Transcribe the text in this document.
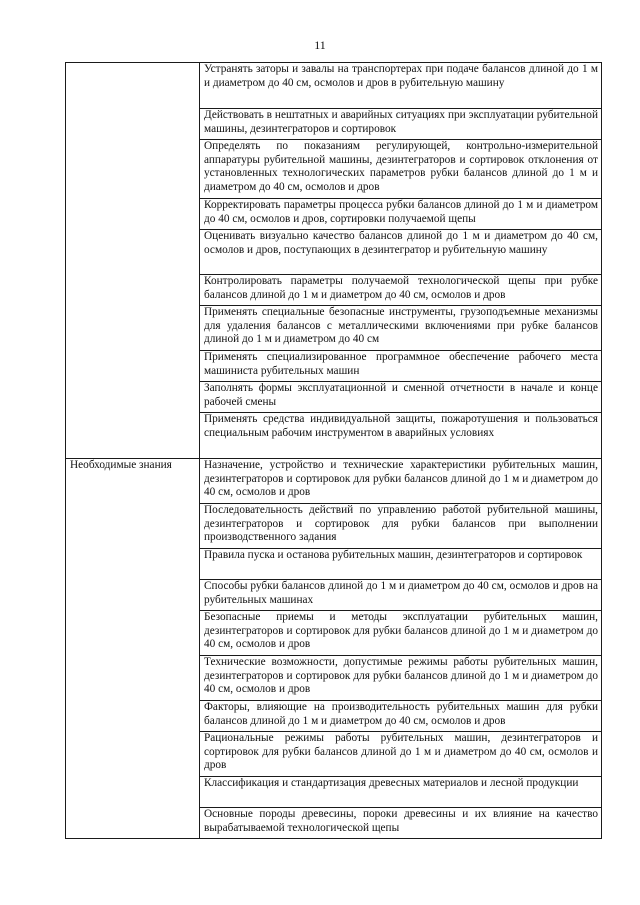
11
	Устранять заторы и завалы на транспортерах при подаче балансов длиной до 1 м и диаметром до 40 см, осмолов и дров в рубительную машину
	Действовать в нештатных и аварийных ситуациях при эксплуатации рубительной машины, дезинтеграторов и сортировок
	Определять по показаниям регулирующей, контрольно-измерительной аппаратуры рубительной машины, дезинтеграторов и сортировок отклонения от установленных технологических параметров рубки балансов длиной до 1 м и диаметром до 40 см, осмолов и дров
	Корректировать параметры процесса рубки балансов длиной до 1 м и диаметром до 40 см, осмолов и дров, сортировки получаемой щепы
	Оценивать визуально качество балансов длиной до 1 м и диаметром до 40 см, осмолов и дров, поступающих в дезинтегратор и рубительную машину
	Контролировать параметры получаемой технологической щепы при рубке балансов длиной до 1 м и диаметром до 40 см, осмолов и дров
	Применять специальные безопасные инструменты, грузоподъемные механизмы для удаления балансов с металлическими включениями при рубке балансов длиной до 1 м и диаметром до 40 см
	Применять специализированное программное обеспечение рабочего места машиниста рубительных машин
	Заполнять формы эксплуатационной и сменной отчетности в начале и конце рабочей смены
	Применять средства индивидуальной защиты, пожаротушения и пользоваться специальным рабочим инструментом в аварийных условиях
Необходимые знания	Назначение, устройство и технические характеристики рубительных машин, дезинтеграторов и сортировок для рубки балансов длиной до 1 м и диаметром до 40 см, осмолов и дров
	Последовательность действий по управлению работой рубительной машины, дезинтеграторов и сортировок для рубки балансов при выполнении производственного задания
	Правила пуска и останова рубительных машин, дезинтеграторов и сортировок
	Способы рубки балансов длиной до 1 м и диаметром до 40 см, осмолов и дров на рубительных машинах
	Безопасные приемы и методы эксплуатации рубительных машин, дезинтеграторов и сортировок для рубки балансов длиной до 1 м и диаметром до 40 см, осмолов и дров
	Технические возможности, допустимые режимы работы рубительных машин, дезинтеграторов и сортировок для рубки балансов длиной до 1 м и диаметром до 40 см, осмолов и дров
	Факторы, влияющие на производительность рубительных машин для рубки балансов длиной до 1 м и диаметром до 40 см, осмолов и дров
	Рациональные режимы работы рубительных машин, дезинтеграторов и сортировок для рубки балансов длиной до 1 м и диаметром до 40 см, осмолов и дров
	Классификация и стандартизация древесных материалов и лесной продукции
	Основные породы древесины, пороки древесины и их влияние на качество вырабатываемой технологической щепы
